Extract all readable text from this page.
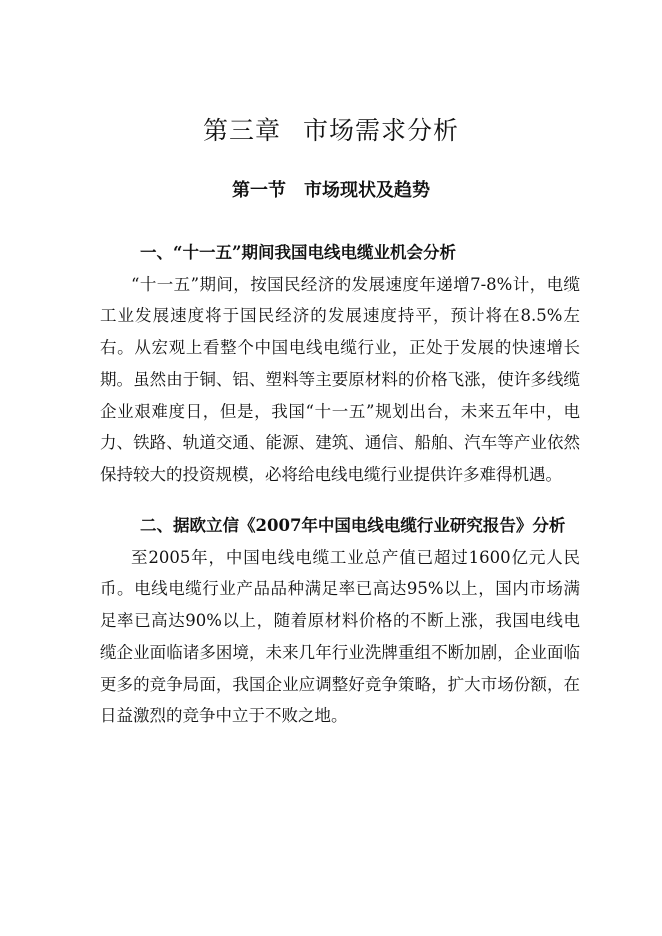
第三章 市场需求分析
第一节 市场现状及趋势
一、“十一五”期间我国电线电缆业机会分析
“十一五”期间，按国民经济的发展速度年递增7-8%计，电缆工业发展速度将于国民经济的发展速度持平，预计将在8.5%左右。从宏观上看整个中国电线电缆行业，正处于发展的快速增长期。虽然由于铜、铝、塑料等主要原材料的价格飞涨，使许多线缆企业艰难度日，但是，我国“十一五”规划出台，未来五年中，电力、铁路、轨道交通、能源、建筑、通信、船舶、汽车等产业依然保持较大的投资规模，必将给电线电缆行业提供许多难得机遇。
二、据欧立信《2007年中国电线电缆行业研究报告》分析
至2005年，中国电线电缆工业总产值已超过1600亿元人民币。电线电缆行业产品品种满足率已高达95%以上，国内市场满足率已高达90%以上，随着原材料价格的不断上涨，我国电线电缆企业面临诸多困境，未来几年行业洗牌重组不断加剧，企业面临更多的竞争局面，我国企业应调整好竞争策略，扩大市场份额，在日益激烈的竞争中立于不败之地。
